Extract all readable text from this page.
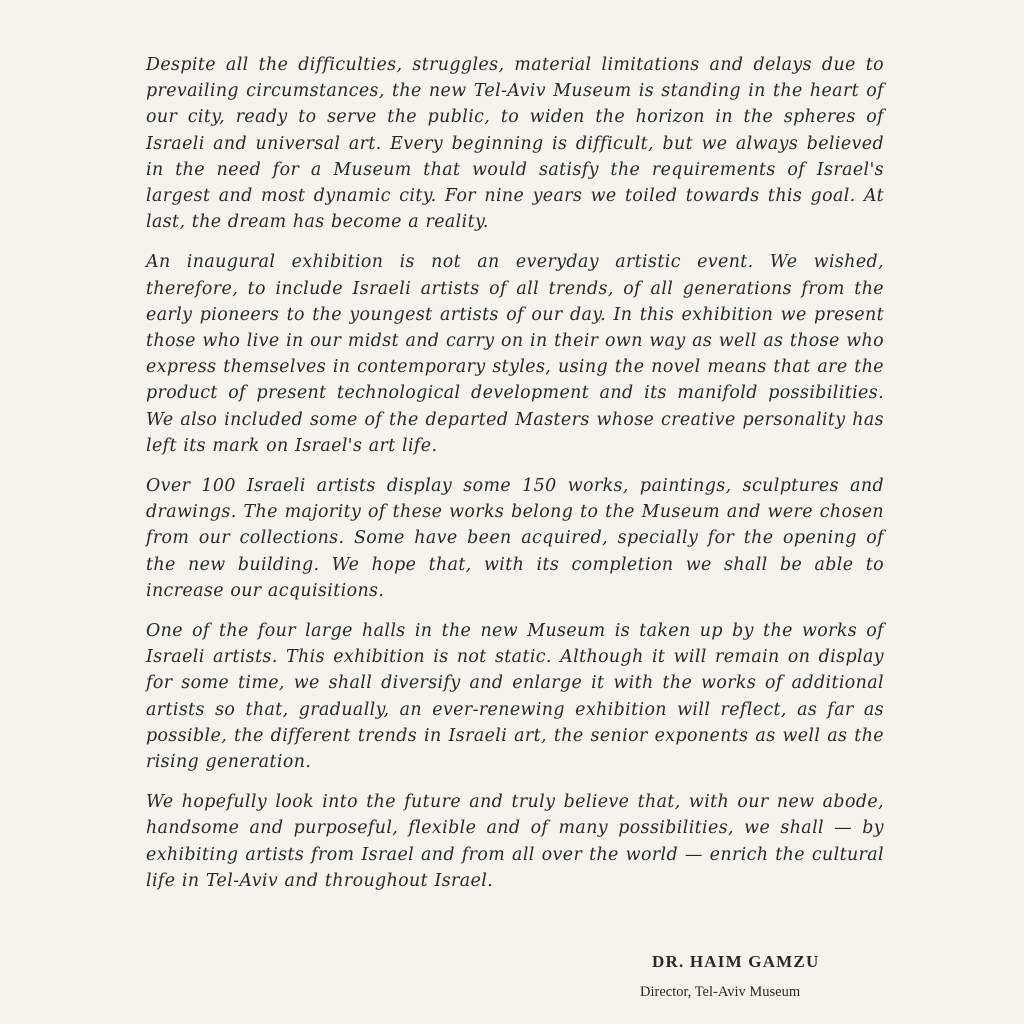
Despite all the difficulties, struggles, material limitations and delays due to prevailing circumstances, the new Tel-Aviv Museum is standing in the heart of our city, ready to serve the public, to widen the horizon in the spheres of Israeli and universal art. Every beginning is difficult, but we always believed in the need for a Museum that would satisfy the requirements of Israel's largest and most dynamic city. For nine years we toiled towards this goal. At last, the dream has become a reality.

An inaugural exhibition is not an everyday artistic event. We wished, therefore, to include Israeli artists of all trends, of all generations from the early pioneers to the youngest artists of our day. In this exhibition we present those who live in our midst and carry on in their own way as well as those who express themselves in contemporary styles, using the novel means that are the product of present technological development and its manifold possibilities. We also included some of the departed Masters whose creative personality has left its mark on Israel's art life.

Over 100 Israeli artists display some 150 works, paintings, sculptures and drawings. The majority of these works belong to the Museum and were chosen from our collections. Some have been acquired, specially for the opening of the new building. We hope that, with its completion we shall be able to increase our acquisitions.

One of the four large halls in the new Museum is taken up by the works of Israeli artists. This exhibition is not static. Although it will remain on display for some time, we shall diversify and enlarge it with the works of additional artists so that, gradually, an ever-renewing exhibition will reflect, as far as possible, the different trends in Israeli art, the senior exponents as well as the rising generation.

We hopefully look into the future and truly believe that, with our new abode, handsome and purposeful, flexible and of many possibilities, we shall — by exhibiting artists from Israel and from all over the world — enrich the cultural life in Tel-Aviv and throughout Israel.

DR. HAIM GAMZU
Director, Tel-Aviv Museum
